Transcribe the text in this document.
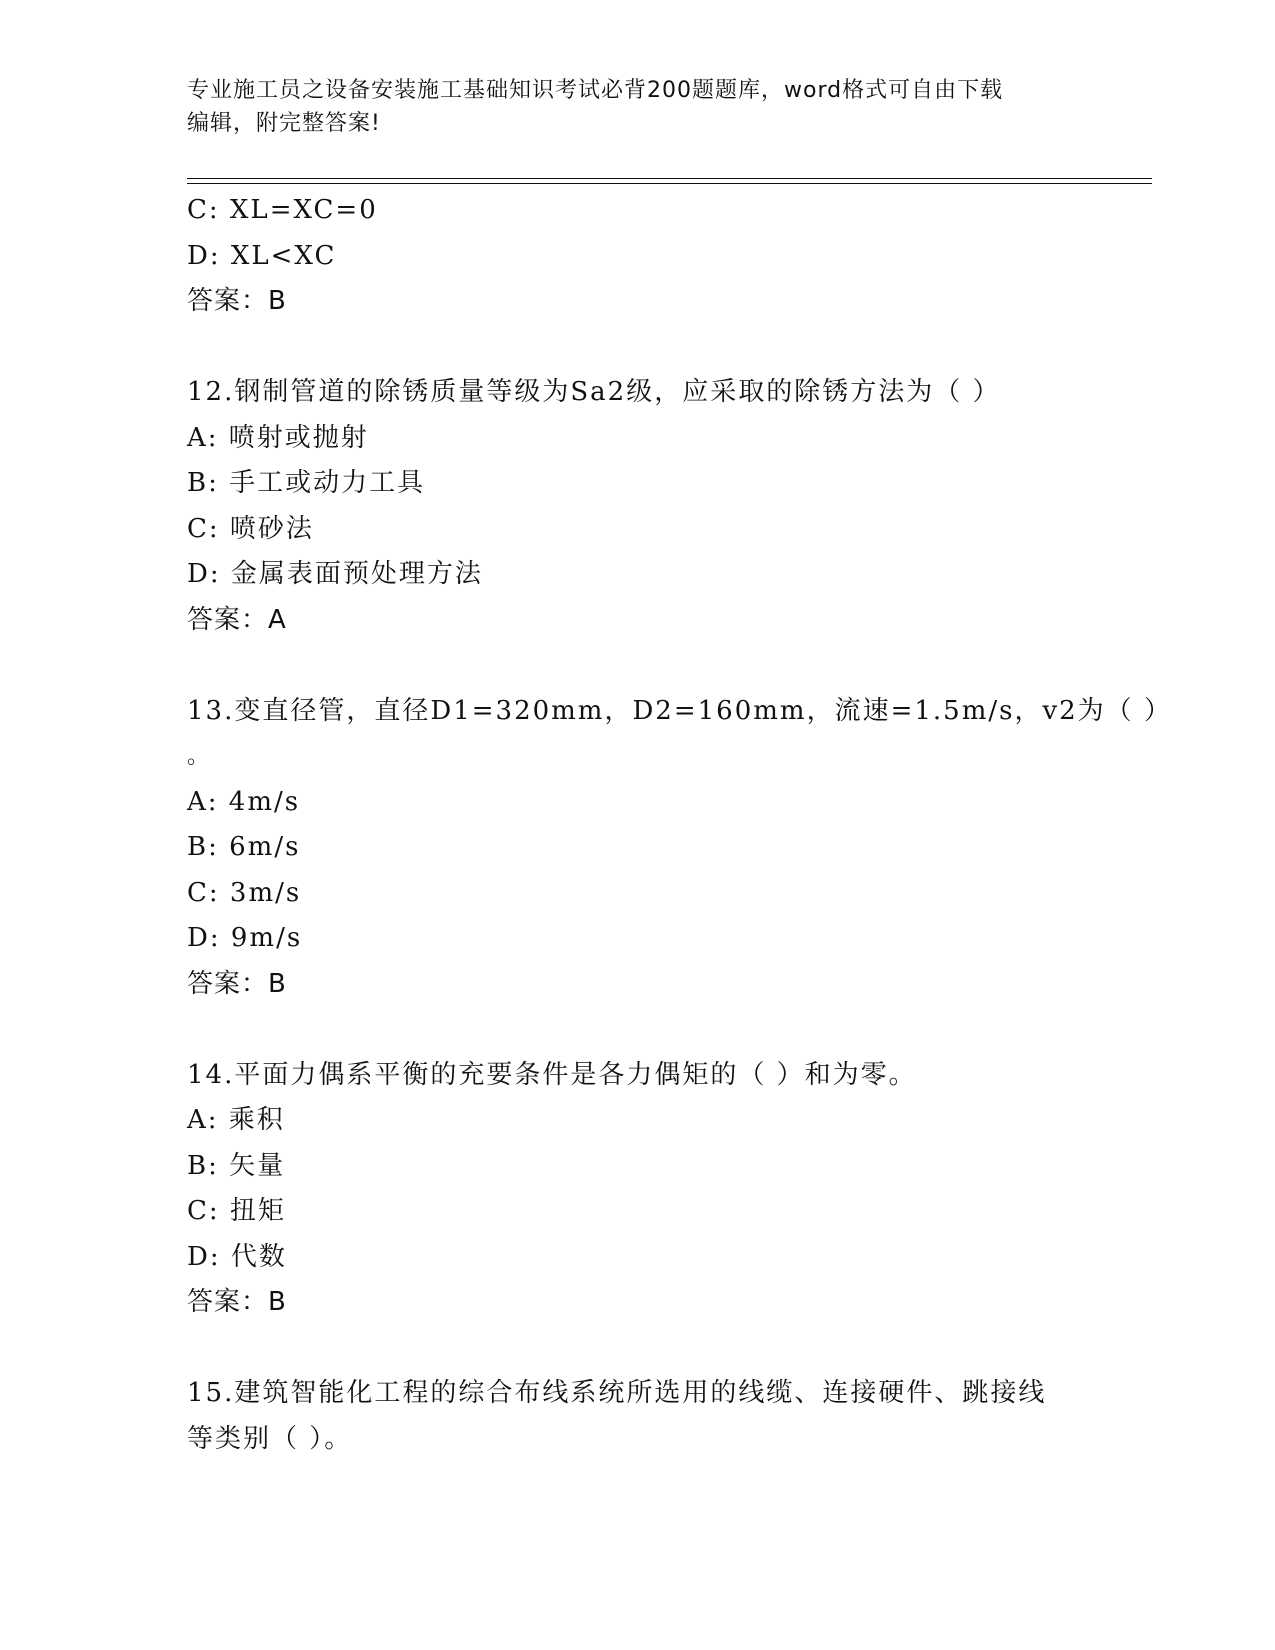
专业施工员之设备安装施工基础知识考试必背200题题库，word格式可自由下载
编辑，附完整答案!
C: XL=XC=0
D: XL<XC
答案：B
12.钢制管道的除锈质量等级为Sa2级，应采取的除锈方法为（ ）
A: 喷射或抛射
B: 手工或动力工具
C: 喷砂法
D: 金属表面预处理方法
答案：A
13.变直径管，直径D1=320mm，D2=160mm，流速=1.5m/s，v2为（ ）
。
A: 4m/s
B: 6m/s
C: 3m/s
D: 9m/s
答案：B
14.平面力偶系平衡的充要条件是各力偶矩的（ ）和为零。
A: 乘积
B: 矢量
C: 扭矩
D: 代数
答案：B
15.建筑智能化工程的综合布线系统所选用的线缆、连接硬件、跳接线
等类别（ ）。
